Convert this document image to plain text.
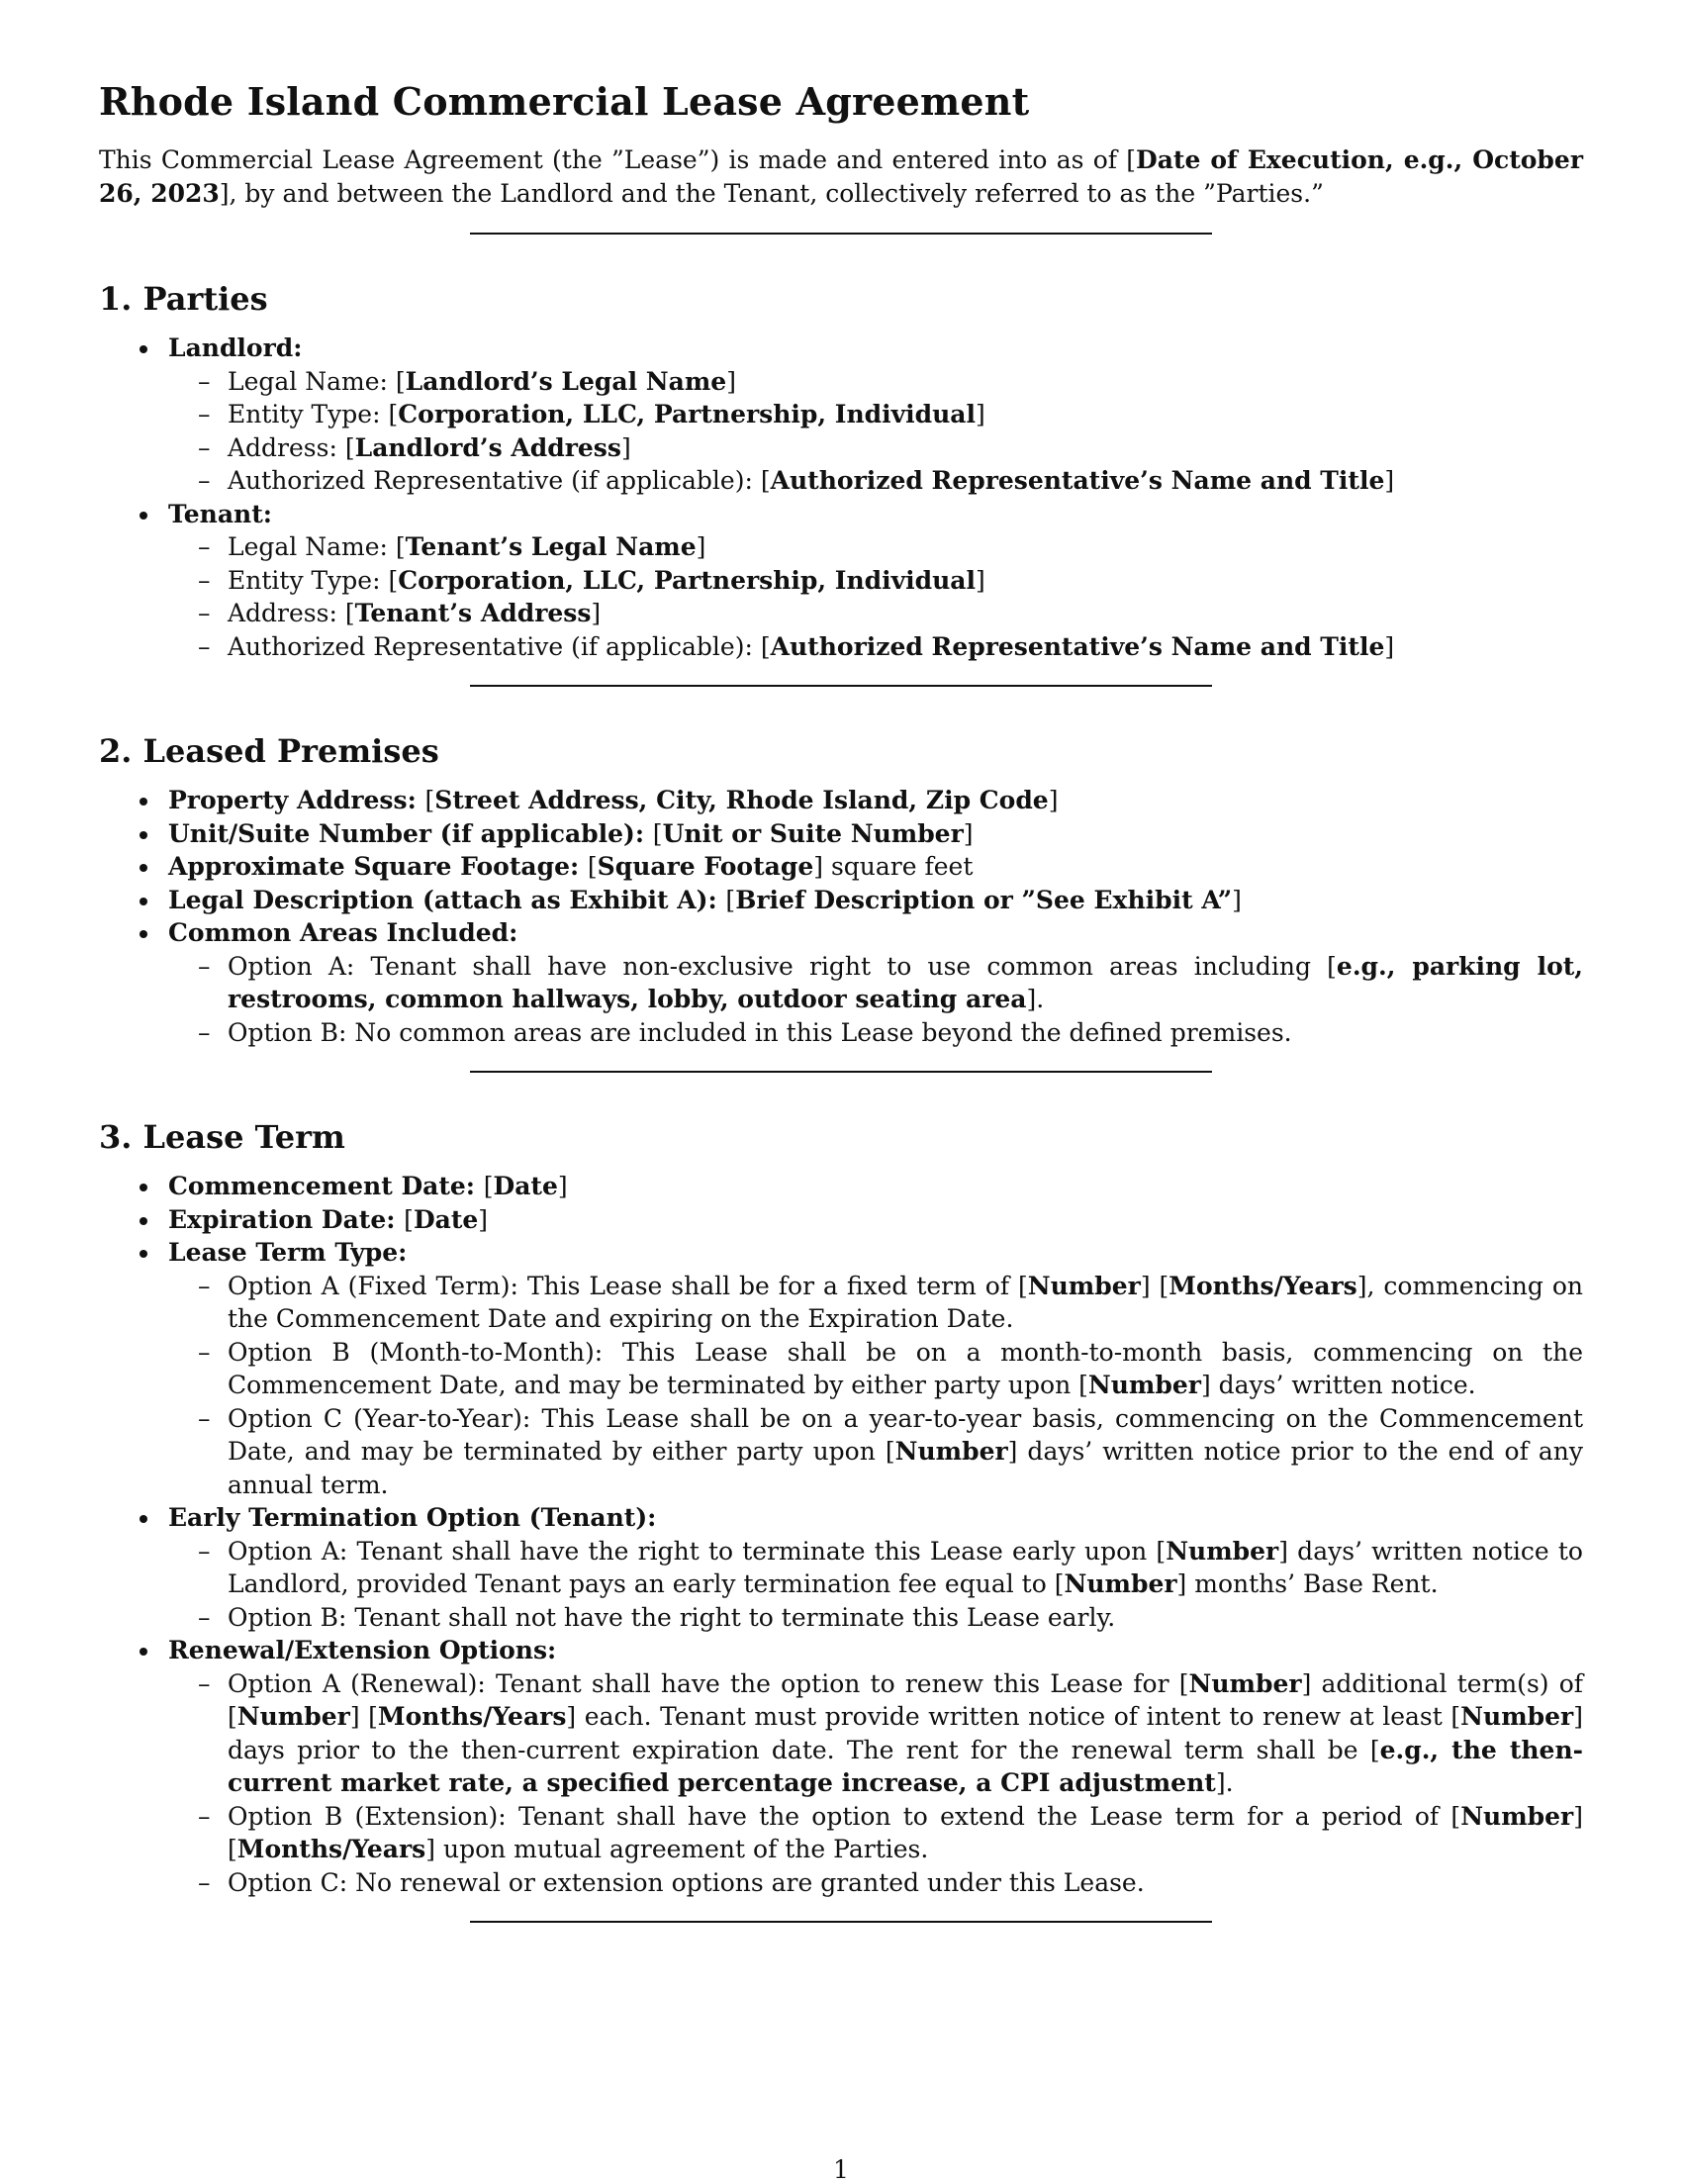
Rhode Island Commercial Lease Agreement

This Commercial Lease Agreement (the ”Lease”) is made and entered into as of [Date of Execution, e.g., October 26, 2023], by and between the Landlord and the Tenant, collectively referred to as the ”Parties.”

1. Parties
Landlord:
– Legal Name: [Landlord’s Legal Name]
– Entity Type: [Corporation, LLC, Partnership, Individual]
– Address: [Landlord’s Address]
– Authorized Representative (if applicable): [Authorized Representative’s Name and Title]
Tenant:
– Legal Name: [Tenant’s Legal Name]
– Entity Type: [Corporation, LLC, Partnership, Individual]
– Address: [Tenant’s Address]
– Authorized Representative (if applicable): [Authorized Representative’s Name and Title]
2. Leased Premises
Property Address: [Street Address, City, Rhode Island, Zip Code]
Unit/Suite Number (if applicable): [Unit or Suite Number]
Approximate Square Footage: [Square Footage] square feet
Legal Description (attach as Exhibit A): [Brief Description or ”See Exhibit A”]
Common Areas Included:
– Option A: Tenant shall have non-exclusive right to use common areas including [e.g., parking lot, restrooms, common hallways, lobby, outdoor seating area].
– Option B: No common areas are included in this Lease beyond the defined premises.
3. Lease Term
Commencement Date: [Date]
Expiration Date: [Date]
Lease Term Type:
– Option A (Fixed Term): This Lease shall be for a fixed term of [Number] [Months/Years], commencing on the Commencement Date and expiring on the Expiration Date.
– Option B (Month-to-Month): This Lease shall be on a month-to-month basis, commencing on the Commencement Date, and may be terminated by either party upon [Number] days’ written notice.
– Option C (Year-to-Year): This Lease shall be on a year-to-year basis, commencing on the Commencement Date, and may be terminated by either party upon [Number] days’ written notice prior to the end of any annual term.
Early Termination Option (Tenant):
– Option A: Tenant shall have the right to terminate this Lease early upon [Number] days’ written notice to Landlord, provided Tenant pays an early termination fee equal to [Number] months’ Base Rent.
– Option B: Tenant shall not have the right to terminate this Lease early.
Renewal/Extension Options:
– Option A (Renewal): Tenant shall have the option to renew this Lease for [Number] additional term(s) of [Number] [Months/Years] each. Tenant must provide written notice of intent to renew at least [Number] days prior to the then-current expiration date. The rent for the renewal term shall be [e.g., the then-current market rate, a specified percentage increase, a CPI adjustment].
– Option B (Extension): Tenant shall have the option to extend the Lease term for a period of [Number] [Months/Years] upon mutual agreement of the Parties.
– Option C: No renewal or extension options are granted under this Lease.
1
